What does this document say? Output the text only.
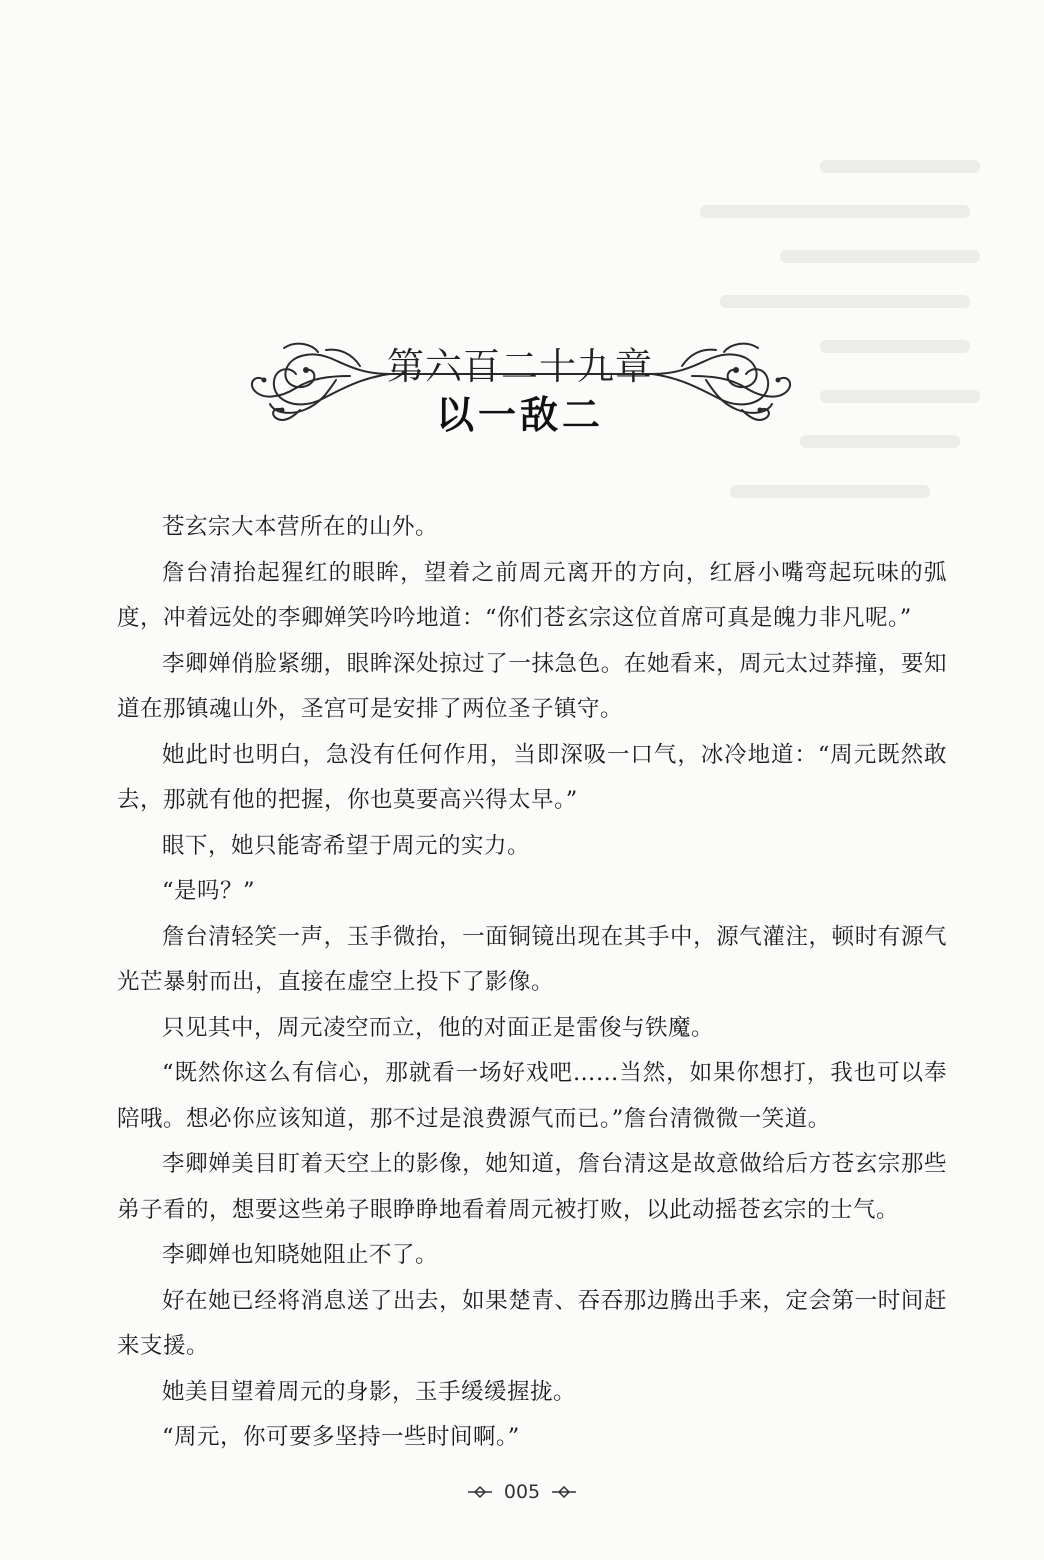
第六百二十九章
以一敌二

苍玄宗大本营所在的山外。

詹台清抬起猩红的眼眸，望着之前周元离开的方向，红唇小嘴弯起玩味的弧度，冲着远处的李卿婵笑吟吟地道：“你们苍玄宗这位首席可真是魄力非凡呢。”

李卿婵俏脸紧绷，眼眸深处掠过了一抹急色。在她看来，周元太过莽撞，要知道在那镇魂山外，圣宫可是安排了两位圣子镇守。

她此时也明白，急没有任何作用，当即深吸一口气，冰冷地道：“周元既然敢去，那就有他的把握，你也莫要高兴得太早。”

眼下，她只能寄希望于周元的实力。

“是吗？”

詹台清轻笑一声，玉手微抬，一面铜镜出现在其手中，源气灌注，顿时有源气光芒暴射而出，直接在虚空上投下了影像。

只见其中，周元凌空而立，他的对面正是雷俊与铁魔。

“既然你这么有信心，那就看一场好戏吧……当然，如果你想打，我也可以奉陪哦。想必你应该知道，那不过是浪费源气而已。”詹台清微微一笑道。

李卿婵美目盯着天空上的影像，她知道，詹台清这是故意做给后方苍玄宗那些弟子看的，想要这些弟子眼睁睁地看着周元被打败，以此动摇苍玄宗的士气。

李卿婵也知晓她阻止不了。

好在她已经将消息送了出去，如果楚青、吞吞那边腾出手来，定会第一时间赶来支援。

她美目望着周元的身影，玉手缓缓握拢。

“周元，你可要多坚持一些时间啊。”

005
